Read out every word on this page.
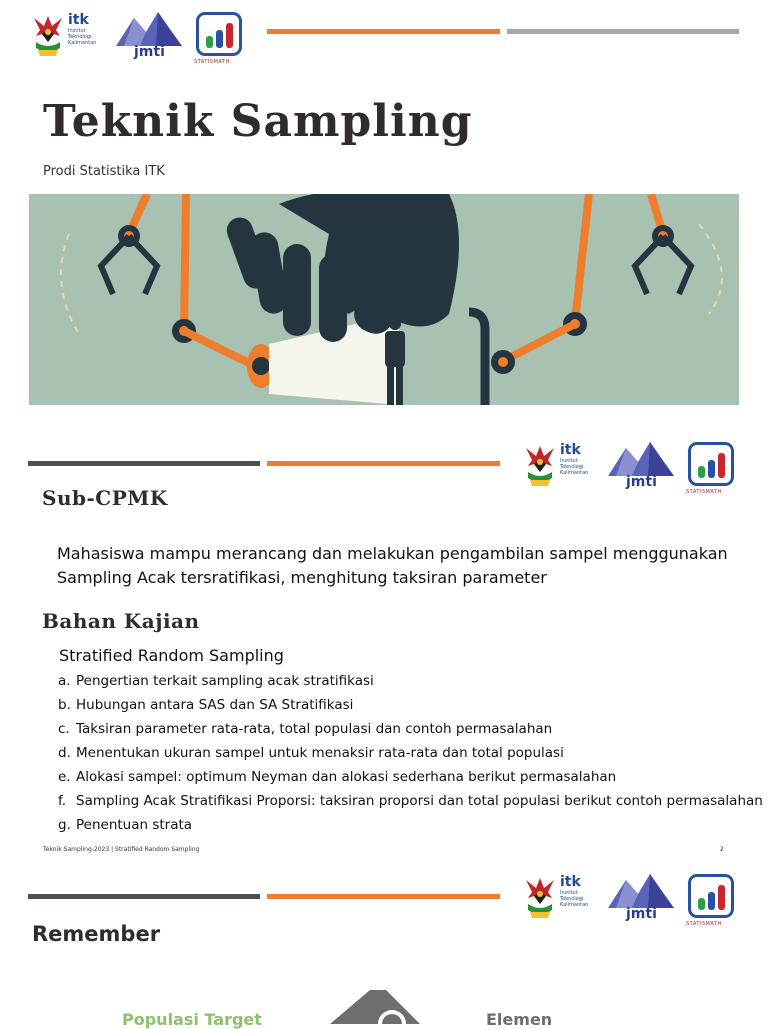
itk
Institut Teknologi Kalimantan
jmti
STATISMATH
Teknik Sampling
Prodi Statistika ITK
itk
Institut Teknologi Kalimantan
jmti
STATISMATH
Sub-CPMK

Mahasiswa mampu merancang dan melakukan pengambilan sampel menggunakan Sampling Acak tersratifikasi, menghitung taksiran parameter

Bahan Kajian
Stratified Random Sampling
a. Pengertian terkait sampling acak stratifikasi
b. Hubungan antara SAS dan SA Stratifikasi
c. Taksiran parameter rata-rata, total populasi dan contoh permasalahan
d. Menentukan ukuran sampel untuk menaksir rata-rata dan total populasi
e. Alokasi sampel: optimum Neyman dan alokasi sederhana berikut permasalahan
f. Sampling Acak Stratifikasi Proporsi: taksiran proporsi dan total populasi berikut contoh permasalahan
g. Penentuan strata
Teknik Sampling-2023 | Stratified Random Sampling	2
itk
Institut Teknologi Kalimantan
jmti
STATISMATH
Remember
Populasi Target	Elemen
